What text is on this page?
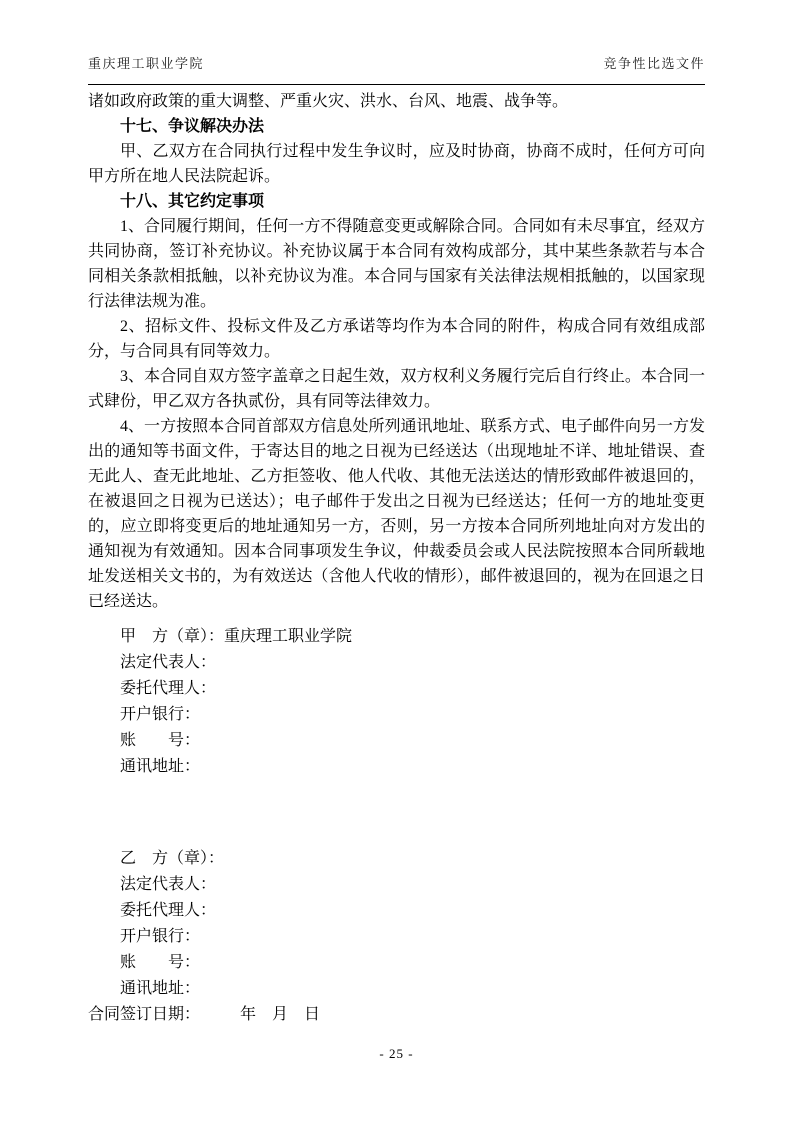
重庆理工职业学院	竞争性比选文件

诸如政府政策的重大调整、严重火灾、洪水、台风、地震、战争等。

十七、争议解决办法

甲、乙双方在合同执行过程中发生争议时，应及时协商，协商不成时，任何方可向甲方所在地人民法院起诉。

十八、其它约定事项

1、合同履行期间，任何一方不得随意变更或解除合同。合同如有未尽事宜，经双方共同协商，签订补充协议。补充协议属于本合同有效构成部分，其中某些条款若与本合同相关条款相抵触，以补充协议为准。本合同与国家有关法律法规相抵触的，以国家现行法律法规为准。

2、招标文件、投标文件及乙方承诺等均作为本合同的附件，构成合同有效组成部分，与合同具有同等效力。

3、本合同自双方签字盖章之日起生效，双方权利义务履行完后自行终止。本合同一式肆份，甲乙双方各执贰份，具有同等法律效力。

4、一方按照本合同首部双方信息处所列通讯地址、联系方式、电子邮件向另一方发出的通知等书面文件，于寄达目的地之日视为已经送达（出现地址不详、地址错误、查无此人、查无此地址、乙方拒签收、他人代收、其他无法送达的情形致邮件被退回的，在被退回之日视为已送达）；电子邮件于发出之日视为已经送达；任何一方的地址变更的，应立即将变更后的地址通知另一方，否则，另一方按本合同所列地址向对方发出的通知视为有效通知。因本合同事项发生争议，仲裁委员会或人民法院按照本合同所载地址发送相关文书的，为有效送达（含他人代收的情形），邮件被退回的，视为在回退之日已经送达。

甲　方（章）：重庆理工职业学院

法定代表人：

委托代理人：

开户银行：

账　　号：

通讯地址：

乙　方（章）：

法定代表人：

委托代理人：

开户银行：

账　　号：

通讯地址：

合同签订日期：　　　年　月　日

- 25 -
